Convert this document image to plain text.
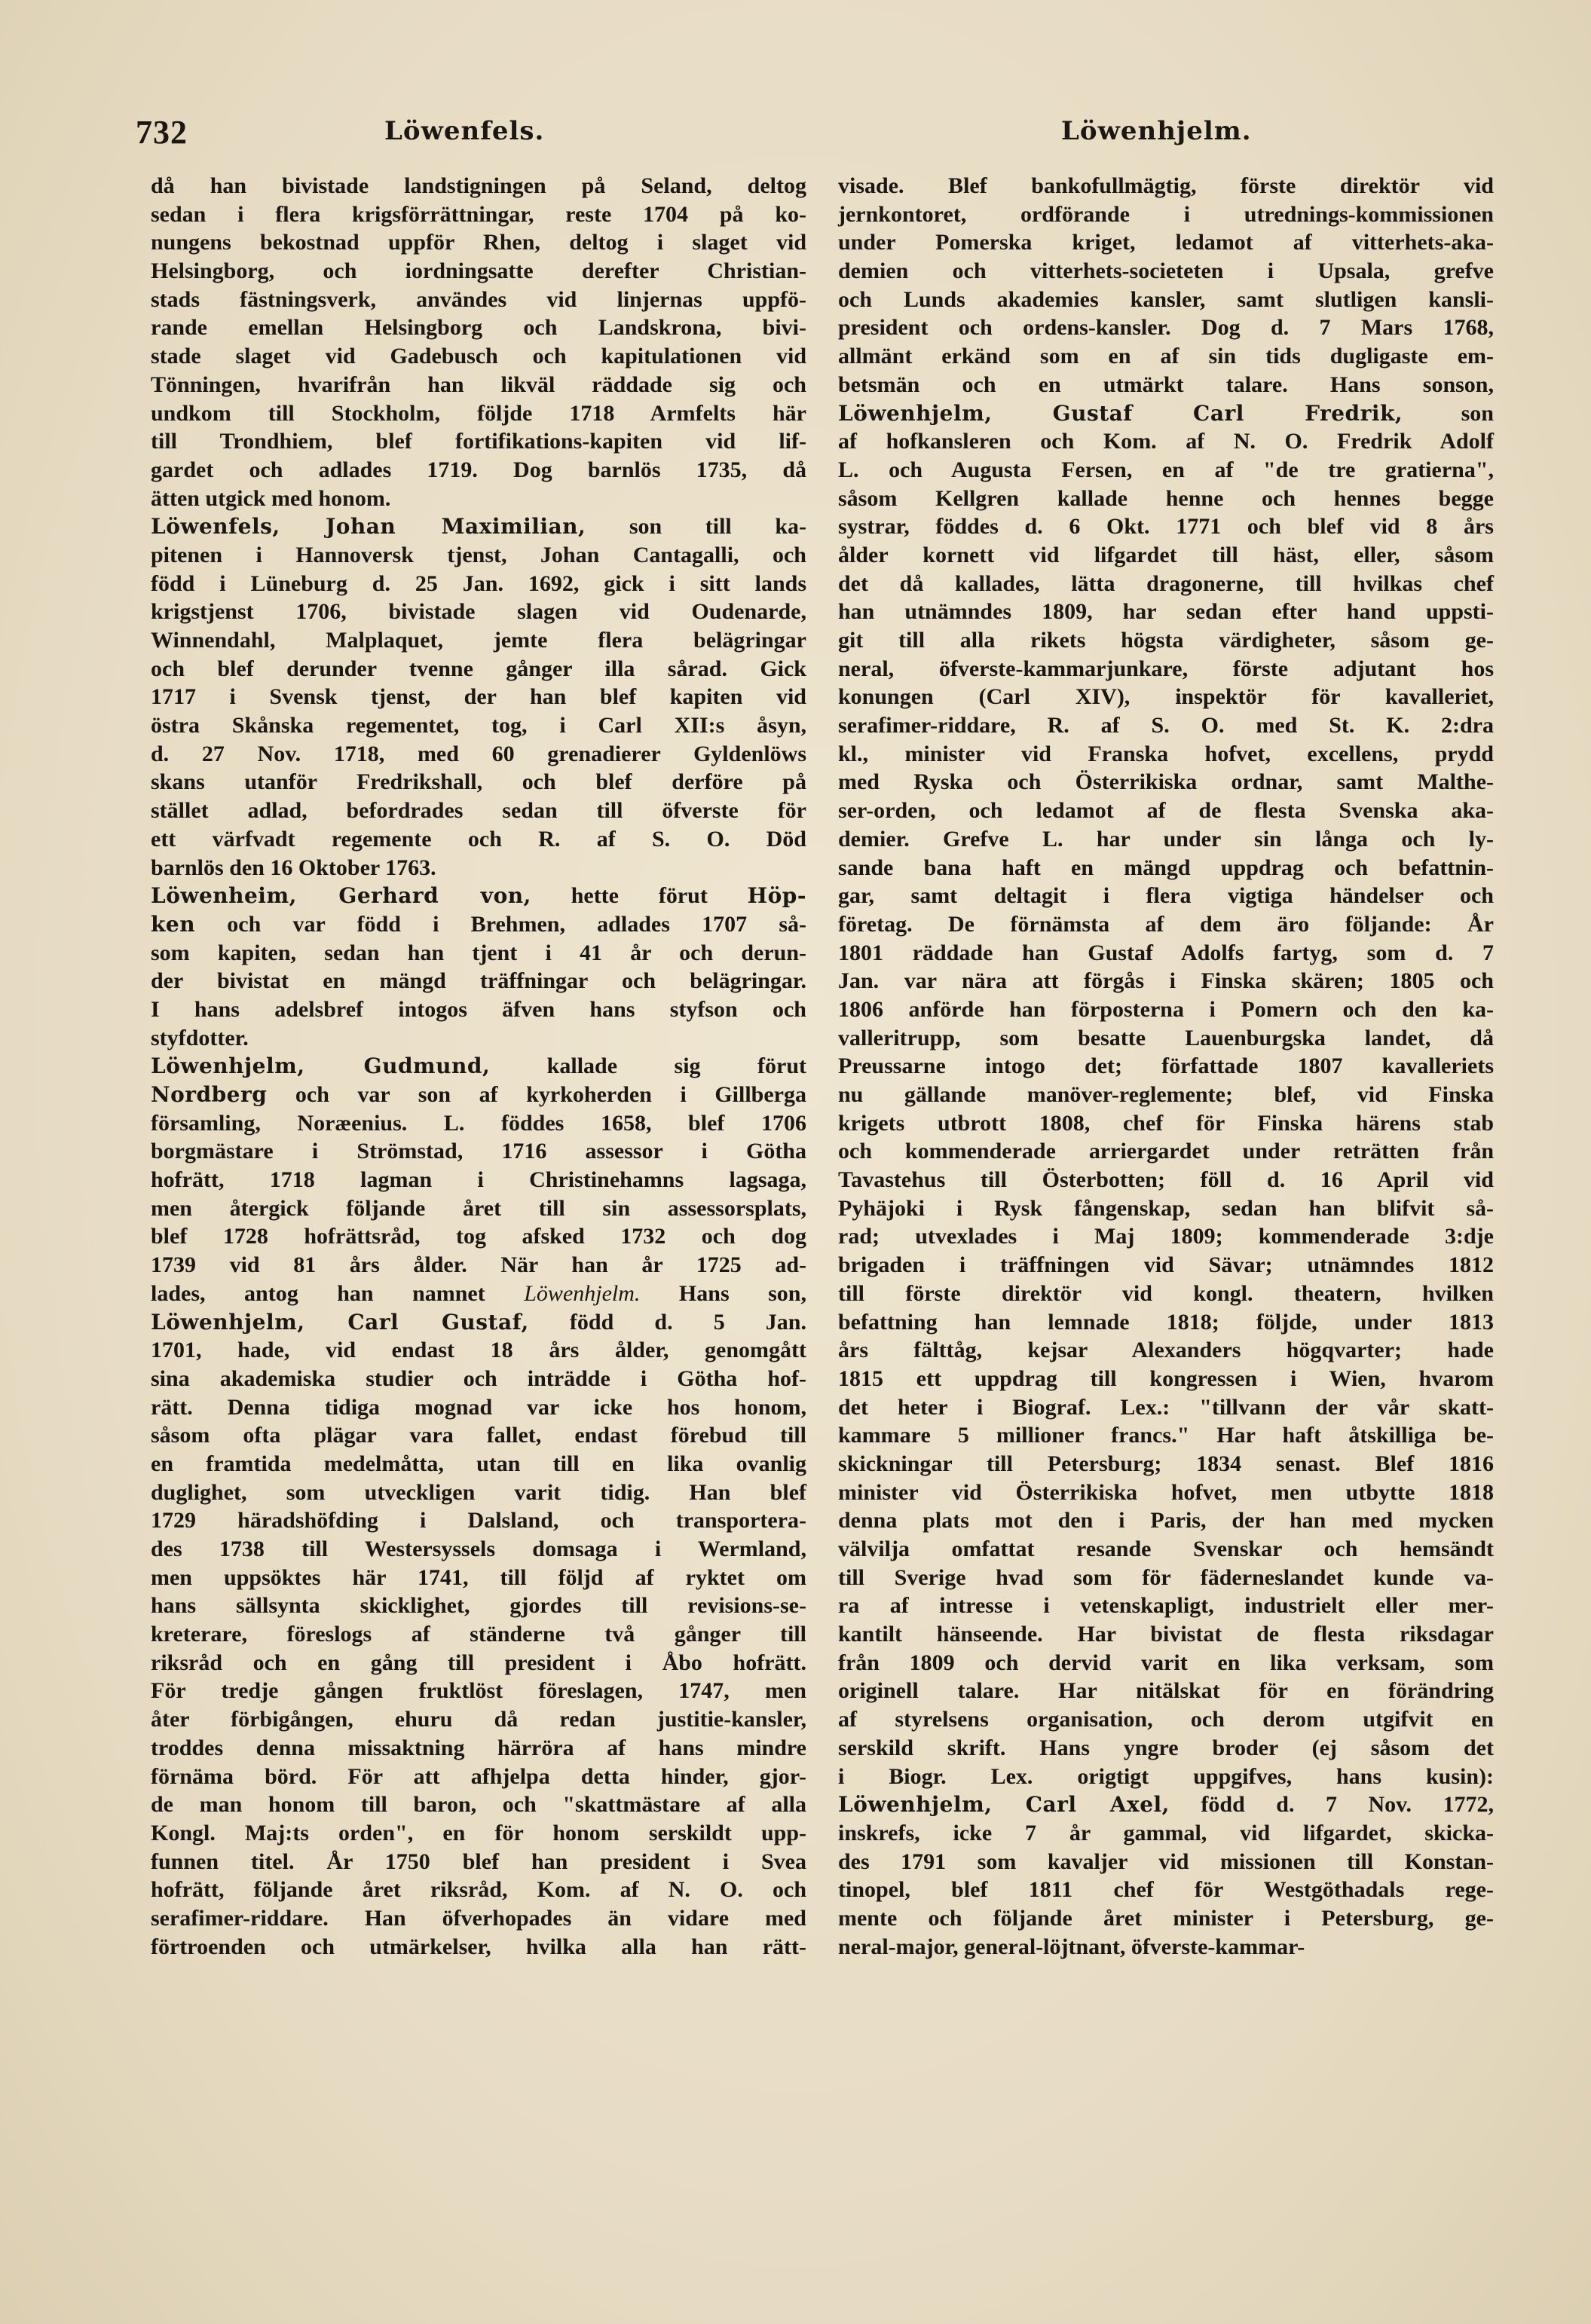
732	Löwenfels.	Löwenhjelm.
då han bivistade landstigningen på Seland, deltog
sedan i flera krigsförrättningar, reste 1704 på ko-
nungens bekostnad uppför Rhen, deltog i slaget vid
Helsingborg, och iordningsatte derefter Christian-
stads fästningsverk, användes vid linjernas uppfö-
rande emellan Helsingborg och Landskrona, bivi-
stade slaget vid Gadebusch och kapitulationen vid
Tönningen, hvarifrån han likväl räddade sig och
undkom till Stockholm, följde 1718 Armfelts här
till Trondhiem, blef fortifikations-kapiten vid lif-
gardet och adlades 1719. Dog barnlös 1735, då
ätten utgick med honom.
Löwenfels, Johan Maximilian, son till ka-
pitenen i Hannoversk tjenst, Johan Cantagalli, och
född i Lüneburg d. 25 Jan. 1692, gick i sitt lands
krigstjenst 1706, bivistade slagen vid Oudenarde,
Winnendahl, Malplaquet, jemte flera belägringar
och blef derunder tvenne gånger illa sårad. Gick
1717 i Svensk tjenst, der han blef kapiten vid
östra Skånska regementet, tog, i Carl XII:s åsyn,
d. 27 Nov. 1718, med 60 grenadierer Gyldenlöws
skans utanför Fredrikshall, och blef derföre på
stället adlad, befordrades sedan till öfverste för
ett värfvadt regemente och R. af S. O. Död
barnlös den 16 Oktober 1763.
Löwenheim, Gerhard von, hette förut Höp-
ken och var född i Brehmen, adlades 1707 så-
som kapiten, sedan han tjent i 41 år och derun-
der bivistat en mängd träffningar och belägringar.
I hans adelsbref intogos äfven hans styfson och
styfdotter.
Löwenhjelm, Gudmund, kallade sig förut
Nordberg och var son af kyrkoherden i Gillberga
församling, Noræenius. L. föddes 1658, blef 1706
borgmästare i Strömstad, 1716 assessor i Götha
hofrätt, 1718 lagman i Christinehamns lagsaga,
men återgick följande året till sin assessorsplats,
blef 1728 hofrättsråd, tog afsked 1732 och dog
1739 vid 81 års ålder. När han år 1725 ad-
lades, antog han namnet Löwenhjelm. Hans son,
Löwenhjelm, Carl Gustaf, född d. 5 Jan.
1701, hade, vid endast 18 års ålder, genomgått
sina akademiska studier och inträdde i Götha hof-
rätt. Denna tidiga mognad var icke hos honom,
såsom ofta plägar vara fallet, endast förebud till
en framtida medelmåtta, utan till en lika ovanlig
duglighet, som utveckligen varit tidig. Han blef
1729 häradshöfding i Dalsland, och transportera-
des 1738 till Westersyssels domsaga i Wermland,
men uppsöktes här 1741, till följd af ryktet om
hans sällsynta skicklighet, gjordes till revisions-se-
kreterare, föreslogs af ständerne två gånger till
riksråd och en gång till president i Åbo hofrätt.
För tredje gången fruktlöst föreslagen, 1747, men
åter förbigången, ehuru då redan justitie-kansler,
troddes denna missaktning härröra af hans mindre
förnäma börd. För att afhjelpa detta hinder, gjor-
de man honom till baron, och "skattmästare af alla
Kongl. Maj:ts orden", en för honom serskildt upp-
funnen titel. År 1750 blef han president i Svea
hofrätt, följande året riksråd, Kom. af N. O. och
serafimer-riddare. Han öfverhopades än vidare med
förtroenden och utmärkelser, hvilka alla han rätt-
visade. Blef bankofullmägtig, förste direktör vid
jernkontoret, ordförande i utrednings-kommissionen
under Pomerska kriget, ledamot af vitterhets-aka-
demien och vitterhets-societeten i Upsala, grefve
och Lunds akademies kansler, samt slutligen kansli-
president och ordens-kansler. Dog d. 7 Mars 1768,
allmänt erkänd som en af sin tids dugligaste em-
betsmän och en utmärkt talare. Hans sonson,
Löwenhjelm, Gustaf Carl Fredrik, son
af hofkansleren och Kom. af N. O. Fredrik Adolf
L. och Augusta Fersen, en af "de tre gratierna",
såsom Kellgren kallade henne och hennes begge
systrar, föddes d. 6 Okt. 1771 och blef vid 8 års
ålder kornett vid lifgardet till häst, eller, såsom
det då kallades, lätta dragonerne, till hvilkas chef
han utnämndes 1809, har sedan efter hand uppsti-
git till alla rikets högsta värdigheter, såsom ge-
neral, öfverste-kammarjunkare, förste adjutant hos
konungen (Carl XIV), inspektör för kavalleriet,
serafimer-riddare, R. af S. O. med St. K. 2:dra
kl., minister vid Franska hofvet, excellens, prydd
med Ryska och Österrikiska ordnar, samt Malthe-
ser-orden, och ledamot af de flesta Svenska aka-
demier. Grefve L. har under sin långa och ly-
sande bana haft en mängd uppdrag och befattnin-
gar, samt deltagit i flera vigtiga händelser och
företag. De förnämsta af dem äro följande: År
1801 räddade han Gustaf Adolfs fartyg, som d. 7
Jan. var nära att förgås i Finska skären; 1805 och
1806 anförde han förposterna i Pomern och den ka-
valleritrupp, som besatte Lauenburgska landet, då
Preussarne intogo det; författade 1807 kavalleriets
nu gällande manöver-reglemente; blef, vid Finska
krigets utbrott 1808, chef för Finska härens stab
och kommenderade arriergardet under reträtten från
Tavastehus till Österbotten; föll d. 16 April vid
Pyhäjoki i Rysk fångenskap, sedan han blifvit så-
rad; utvexlades i Maj 1809; kommenderade 3:dje
brigaden i träffningen vid Sävar; utnämndes 1812
till förste direktör vid kongl. theatern, hvilken
befattning han lemnade 1818; följde, under 1813
års fälttåg, kejsar Alexanders högqvarter; hade
1815 ett uppdrag till kongressen i Wien, hvarom
det heter i Biograf. Lex.: "tillvann der vår skatt-
kammare 5 millioner francs." Har haft åtskilliga be-
skickningar till Petersburg; 1834 senast. Blef 1816
minister vid Österrikiska hofvet, men utbytte 1818
denna plats mot den i Paris, der han med mycken
välvilja omfattat resande Svenskar och hemsändt
till Sverige hvad som för fäderneslandet kunde va-
ra af intresse i vetenskapligt, industrielt eller mer-
kantilt hänseende. Har bivistat de flesta riksdagar
från 1809 och dervid varit en lika verksam, som
originell talare. Har nitälskat för en förändring
af styrelsens organisation, och derom utgifvit en
serskild skrift. Hans yngre broder (ej såsom det
i Biogr. Lex. origtigt uppgifves, hans kusin):
Löwenhjelm, Carl Axel, född d. 7 Nov. 1772,
inskrefs, icke 7 år gammal, vid lifgardet, skicka-
des 1791 som kavaljer vid missionen till Konstan-
tinopel, blef 1811 chef för Westgöthadals rege-
mente och följande året minister i Petersburg, ge-
neral-major, general-löjtnant, öfverste-kammar-
